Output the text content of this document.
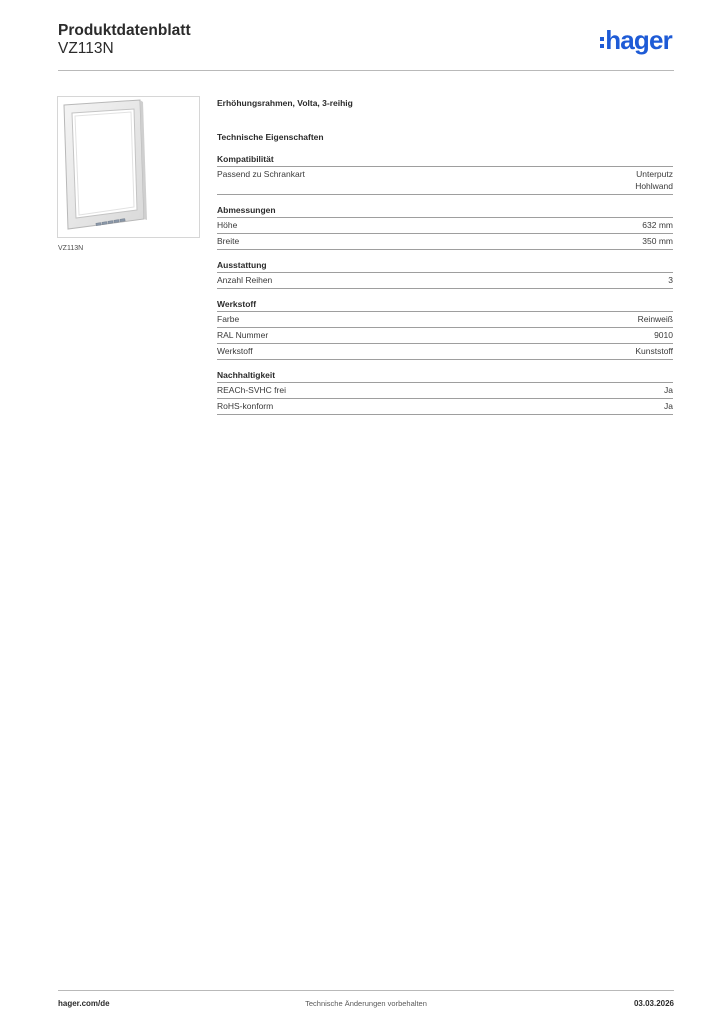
Produktdatenblatt
VZ113N	hager
VZ113N
Erhöhungsrahmen, Volta, 3-reihig
Technische Eigenschaften
Kompatibilität
Passend zu Schrankart	Unterputz
Hohlwand
Abmessungen
Höhe	632 mm
Breite	350 mm
Ausstattung
Anzahl Reihen	3
Werkstoff
Farbe	Reinweiß
RAL Nummer	9010
Werkstoff	Kunststoff
Nachhaltigkeit
REACh-SVHC frei	Ja
RoHS-konform	Ja
hager.com/de	Technische Änderungen vorbehalten	03.03.2026
